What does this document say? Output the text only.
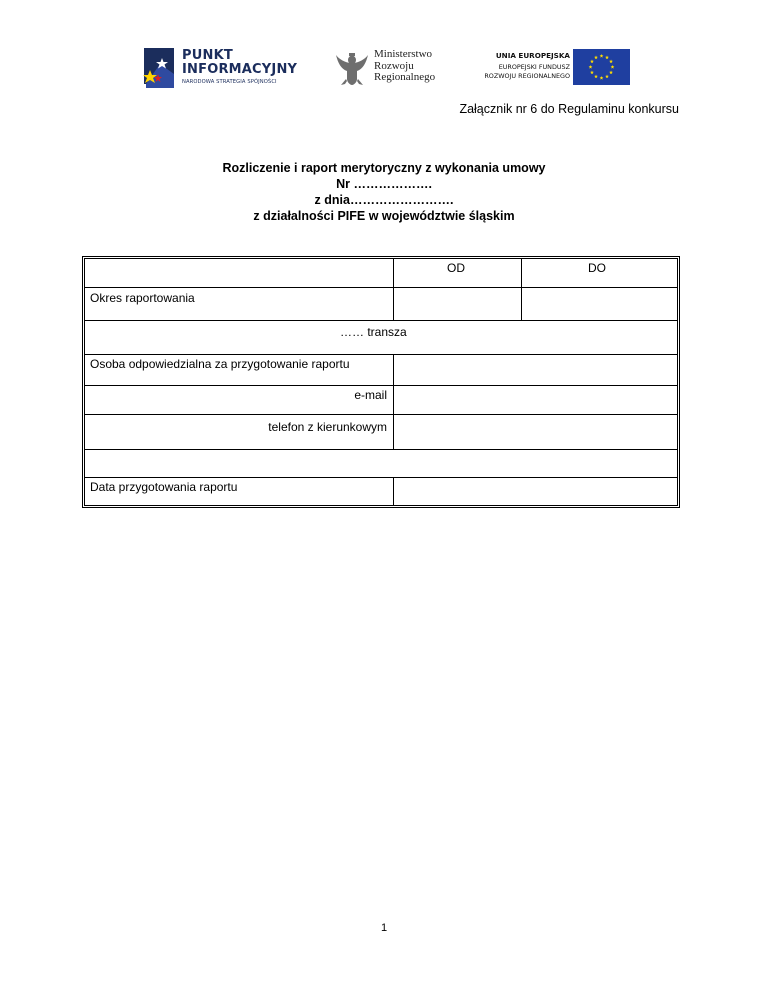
PUNKT
INFORMACYJNY
NARODOWA STRATEGIA SPÓJNOŚCI
Ministerstwo
Rozwoju
Regionalnego
UNIA EUROPEJSKA
EUROPEJSKI FUNDUSZ
ROZWOJU REGIONALNEGO
Załącznik nr 6 do Regulaminu konkursu
Rozliczenie i raport merytoryczny z wykonania umowy
Nr ……………….
z dnia…………………….
z działalności PIFE w województwie śląskim
OD	DO
Okres raportowania
…… transza
Osoba odpowiedzialna za przygotowanie raportu
e-mail
telefon z kierunkowym
Data przygotowania raportu
1
